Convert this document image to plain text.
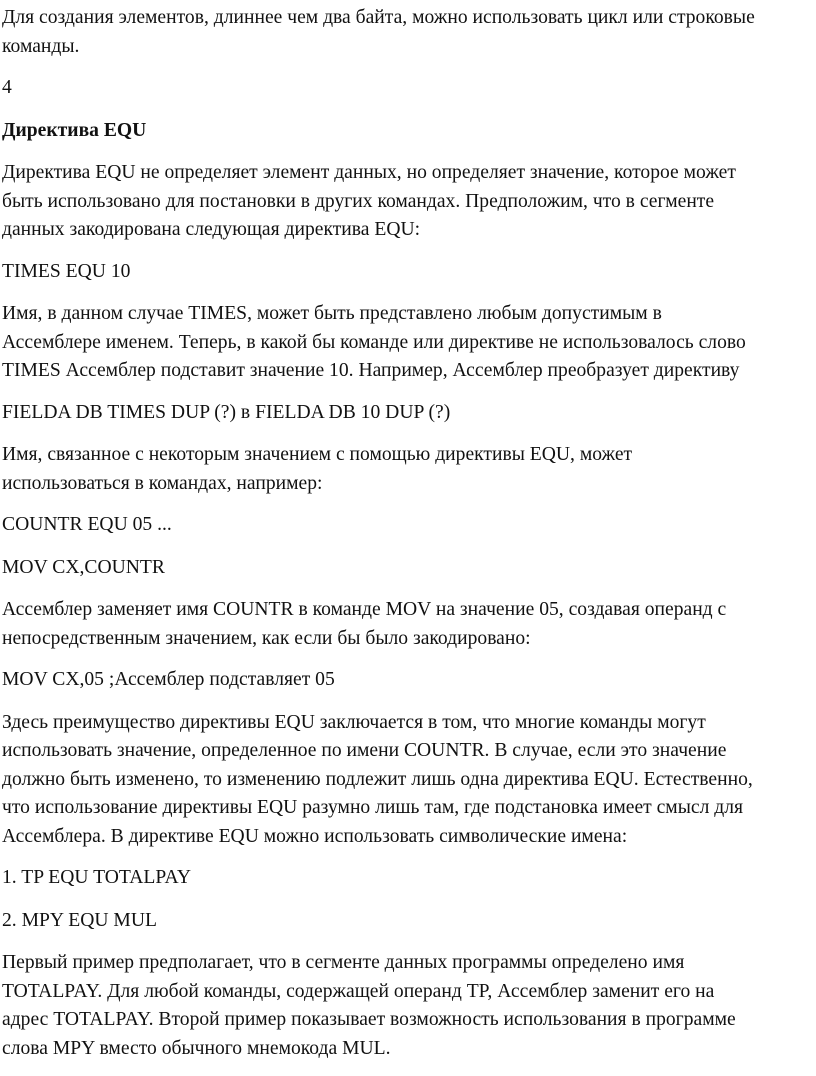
Для создания элементов, длиннее чем два байта, можно использовать цикл или строковые
команды.
4
Директива EQU
Директива EQU не определяет элемент данных, но определяет значение, которое может
быть использовано для постановки в других командах. Предположим, что в сегменте
данных закодирована следующая директива EQU:
TIMES EQU 10
Имя, в данном случае TIMES, может быть представлено любым допустимым в
Ассемблере именем. Теперь, в какой бы команде или директиве не использовалось слово
TIMES Ассемблер подставит значение 10. Например, Ассемблер преобразует директиву
FIELDA DB TIMES DUP (?) в FIELDA DB 10 DUP (?)
Имя, связанное с некоторым значением с помощью директивы EQU, может
использоваться в командах, например:
COUNTR EQU 05 ...
MOV CX,COUNTR
Ассемблер заменяет имя COUNTR в команде MOV на значение 05, создавая операнд с
непосредственным значением, как если бы было закодировано:
MOV CX,05 ;Ассемблер подставляет 05
Здесь преимущество директивы EQU заключается в том, что многие команды могут
использовать значение, определенное по имени COUNTR. В случае, если это значение
должно быть изменено, то изменению подлежит лишь одна директива EQU. Естественно,
что использование директивы EQU разумно лишь там, где подстановка имеет смысл для
Ассемблера. В директиве EQU можно использовать символические имена:
1. TP EQU TOTALPAY
2. MPY EQU MUL
Первый пример предполагает, что в сегменте данных программы определено имя
TOTALPAY. Для любой команды, содержащей операнд TP, Ассемблер заменит его на
адрес TOTALPAY. Второй пример показывает возможность использования в программе
слова MPY вместо обычного мнемокода MUL.
